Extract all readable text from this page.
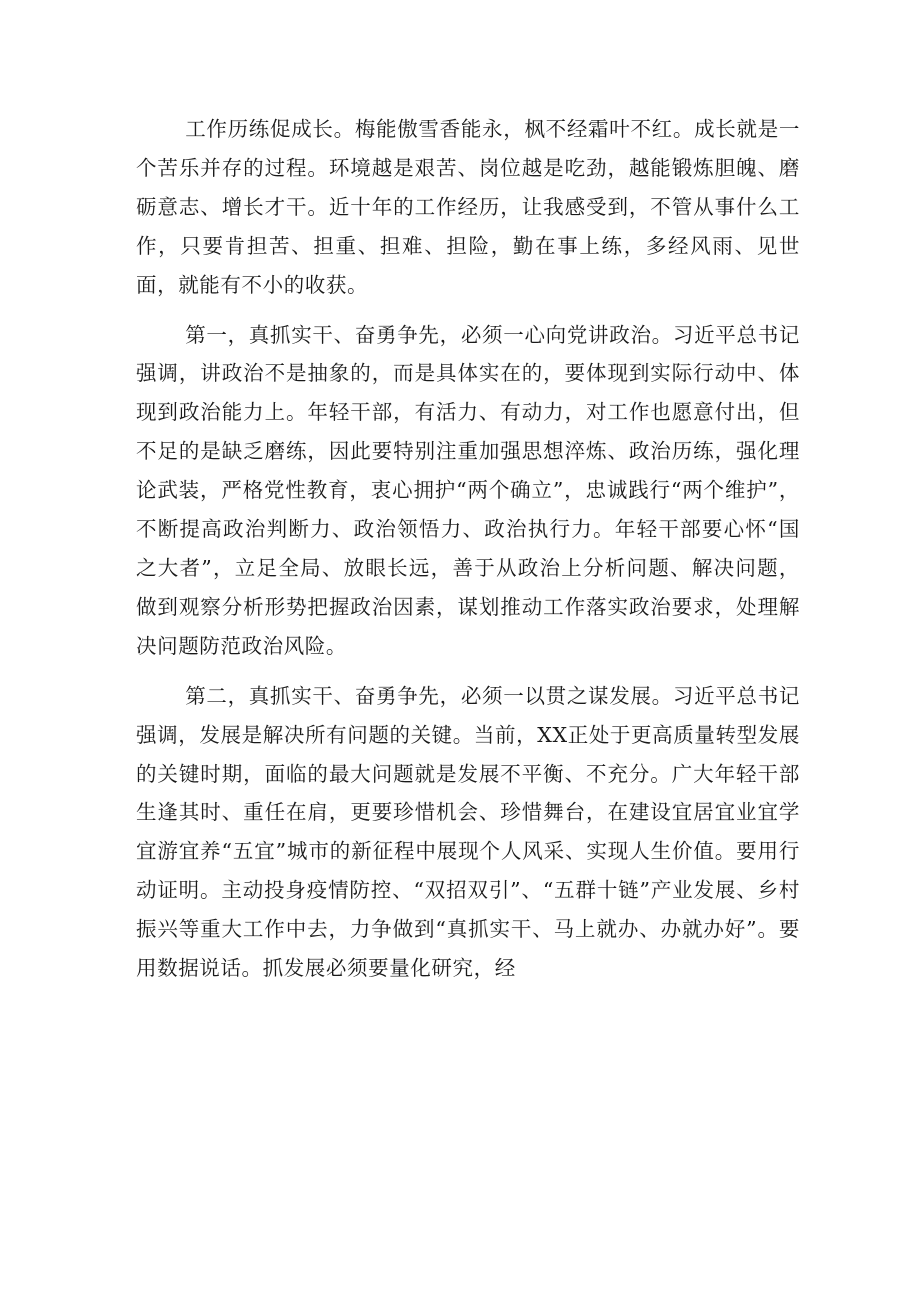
工作历练促成长。梅能傲雪香能永，枫不经霜叶不红。成长就是一个苦乐并存的过程。环境越是艰苦、岗位越是吃劲，越能锻炼胆魄、磨砺意志、增长才干。近十年的工作经历，让我感受到，不管从事什么工作，只要肯担苦、担重、担难、担险，勤在事上练，多经风雨、见世面，就能有不小的收获。

第一，真抓实干、奋勇争先，必须一心向党讲政治。习近平总书记强调，讲政治不是抽象的，而是具体实在的，要体现到实际行动中、体现到政治能力上。年轻干部，有活力、有动力，对工作也愿意付出，但不足的是缺乏磨练，因此要特别注重加强思想淬炼、政治历练，强化理论武装，严格党性教育，衷心拥护“两个确立”，忠诚践行“两个维护”，不断提高政治判断力、政治领悟力、政治执行力。年轻干部要心怀“国之大者”，立足全局、放眼长远，善于从政治上分析问题、解决问题，做到观察分析形势把握政治因素，谋划推动工作落实政治要求，处理解决问题防范政治风险。

第二，真抓实干、奋勇争先，必须一以贯之谋发展。习近平总书记强调，发展是解决所有问题的关键。当前，XX正处于更高质量转型发展的关键时期，面临的最大问题就是发展不平衡、不充分。广大年轻干部生逢其时、重任在肩，更要珍惜机会、珍惜舞台，在建设宜居宜业宜学宜游宜养“五宜”城市的新征程中展现个人风采、实现人生价值。要用行动证明。主动投身疫情防控、“双招双引”、“五群十链”产业发展、乡村振兴等重大工作中去，力争做到“真抓实干、马上就办、办就办好”。要用数据说话。抓发展必须要量化研究，经
